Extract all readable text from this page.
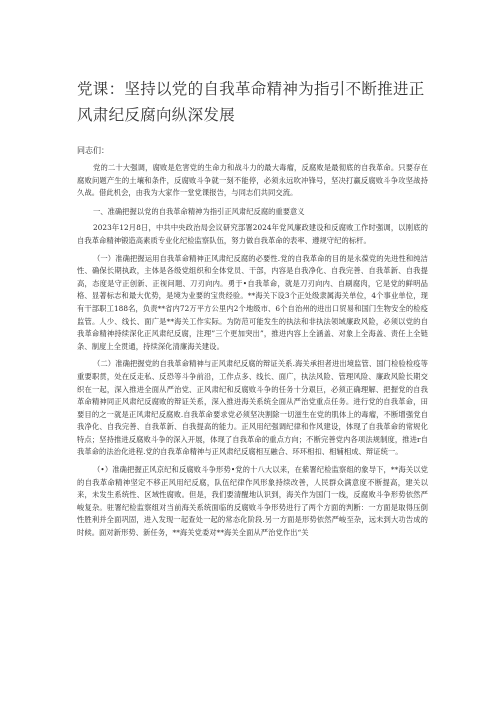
党课：坚持以党的自我革命精神为指引不断推进正风肃纪反腐向纵深发展

同志们：

党的二十大强调，腐败是危害党的生命力和战斗力的最大毒瘤，反腐败是最彻底的自我革命。只要存在腐败问题产生的土壤和条件，反腐败斗争就一刻不能停，必须永远吹冲锋号，坚决打赢反腐败斗争攻坚战持久战。借此机会，由我为大家作一堂党课报告，与同志们共同交流。

一、准确把握以党的自我革命精神为指引正风肃纪反腐的重要意义

2023年12月8日，中共中央政治局会议研究部署2024年党风廉政建设和反腐败工作时强调，以刚底的自我革命精神锻造高素质专业化纪检监察队伍，努力做自我革命的表率、遵规守纪的标杆。

（一）准确把握运用自我革命精神正风肃纪反腐的必要性.党的自我革命的目的是永葆党的先进性和纯洁性、确保长期执政，主体是各级党组织和全体党员、干部，内容是自我净化、自我完善、自我革新、自我提高，态度是守正创新、正视问题、刀刃向内。勇于•自我革命，就是刀刃向内、自刷腐肉，它是党的鲜明品格、显著标志和最大优势，是境为业要的宝贵经验。**海关下设3个正处级隶属海关单位，4个事业单位，现有干部职工188名，负责**省内72万平方公里内2个地级市、6个自治州的进出口贸易和国门生物安全的检疫监管。人少、线长、面广是**海关工作实际。为防范可能发生的执法和非执法领域廉政风险，必须以党的自我革命精神持续深化正风肃纪反腐，注理”三个更加突出”，推进内容上全涵盖、对象上全海盖、责任上全链条、制度上全贯通，持续深化清廉海关建设。

（二）准确把握党的自我革命精神与正风肃纪反腐的辩证关系.海关承担者进出境监管、国门检验检疫等重要职贯，处在反走私、反恐等斗争前沿，工作点多、线长、面广，执法风险、管理风险、廉政风险长期交织在一起，深入推进全面从严治党、正风肃纪和反腐败斗争的任务十分艰巨，必须正确理解、把握党的自我革命精神同正风肃纪反腐败的辩证关系，深入推进海关系统全面从严治党重点任务。进行党的自我革命，田要目的之一就是正风肃纪反腐败.自我革命要求党必须坚决割除一切滋生在党的肌体上的毒瘤，不断增强党自我净化、自我完善、自我革新、自我提高的能力。正风用纪强调纪律和作风建设，体现了自我革命的常规化特点；坚持推进反腐败斗争的深入开展，体现了自我革命的重点方向；不断完善党内各项法规制度，推进r自我革命的法治化进程.党的自我革命精神与正风肃纪反腐相互融合、环环相扣、相辅相成、辩证统一。

（•）准确把握正风京纪和反腐败斗争形势•党的十八大以来，在紫署纪检监察组的象导下，**海关以党的自我革命精神坚定不移正风用纪反腐，队伍纪律作风形象持续改善，人民群众满意度不断提高，建关以来，未发生系统性、区域性腐败。但是，我们要清醒地认识到，海关作为国门一线，反腐败斗争形势依然严峻复杂。驻署纪检监察组对当前海关系统面临的反腐败斗争形势进行了两个方面的判断：一方面是取得压倒性胜利并全面巩固，进入发现一起查处一起的常态化阶段.另一方面是形势依然严峻至杂，远未到大功告成的时候。面对新形势、新任务，**海关党委对**海关全面从严治党作出“关
